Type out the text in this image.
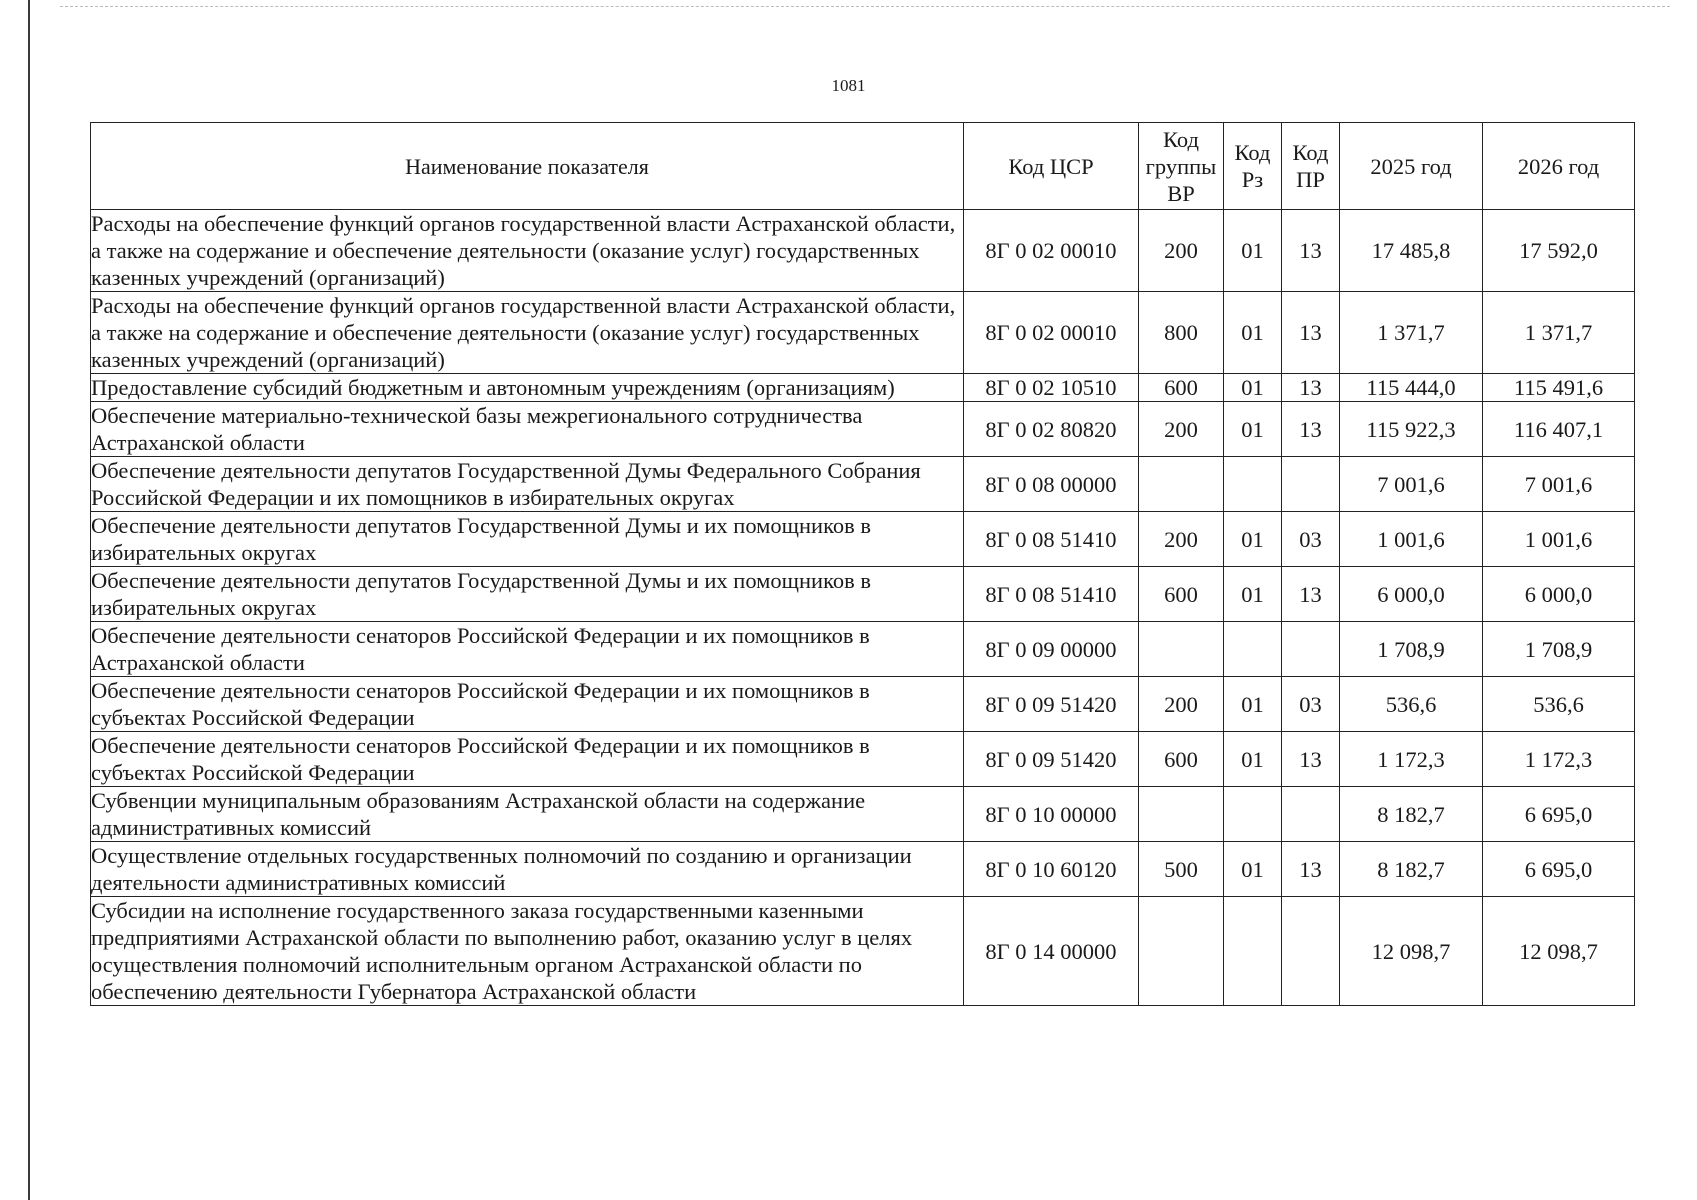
1081
Наименование показателя	Код ЦСР	Код
группы
ВР	Код
Рз	Код
ПР	2025 год	2026 год
Расходы на обеспечение функций органов государственной власти Астраханской области, а также на содержание и обеспечение деятельности (оказание услуг) государственных казенных учреждений (организаций)	8Г 0 02 00010	200	01	13	17 485,8	17 592,0
Расходы на обеспечение функций органов государственной власти Астраханской области, а также на содержание и обеспечение деятельности (оказание услуг) государственных казенных учреждений (организаций)	8Г 0 02 00010	800	01	13	1 371,7	1 371,7
Предоставление субсидий бюджетным и автономным учреждениям (организациям)	8Г 0 02 10510	600	01	13	115 444,0	115 491,6
Обеспечение материально-технической базы межрегионального сотрудничества Астраханской области	8Г 0 02 80820	200	01	13	115 922,3	116 407,1
Обеспечение деятельности депутатов Государственной Думы Федерального Собрания Российской Федерации и их помощников в избирательных округах	8Г 0 08 00000				7 001,6	7 001,6
Обеспечение деятельности депутатов Государственной Думы и их помощников в избирательных округах	8Г 0 08 51410	200	01	03	1 001,6	1 001,6
Обеспечение деятельности депутатов Государственной Думы и их помощников в избирательных округах	8Г 0 08 51410	600	01	13	6 000,0	6 000,0
Обеспечение деятельности сенаторов Российской Федерации и их помощников в Астраханской области	8Г 0 09 00000				1 708,9	1 708,9
Обеспечение деятельности сенаторов Российской Федерации и их помощников в субъектах Российской Федерации	8Г 0 09 51420	200	01	03	536,6	536,6
Обеспечение деятельности сенаторов Российской Федерации и их помощников в субъектах Российской Федерации	8Г 0 09 51420	600	01	13	1 172,3	1 172,3
Субвенции муниципальным образованиям Астраханской области на содержание административных комиссий	8Г 0 10 00000				8 182,7	6 695,0
Осуществление отдельных государственных полномочий по созданию и организации деятельности административных комиссий	8Г 0 10 60120	500	01	13	8 182,7	6 695,0
Субсидии на исполнение государственного заказа государственными казенными предприятиями Астраханской области по выполнению работ, оказанию услуг в целях осуществления полномочий исполнительным органом Астраханской области по обеспечению деятельности Губернатора Астраханской области	8Г 0 14 00000				12 098,7	12 098,7
